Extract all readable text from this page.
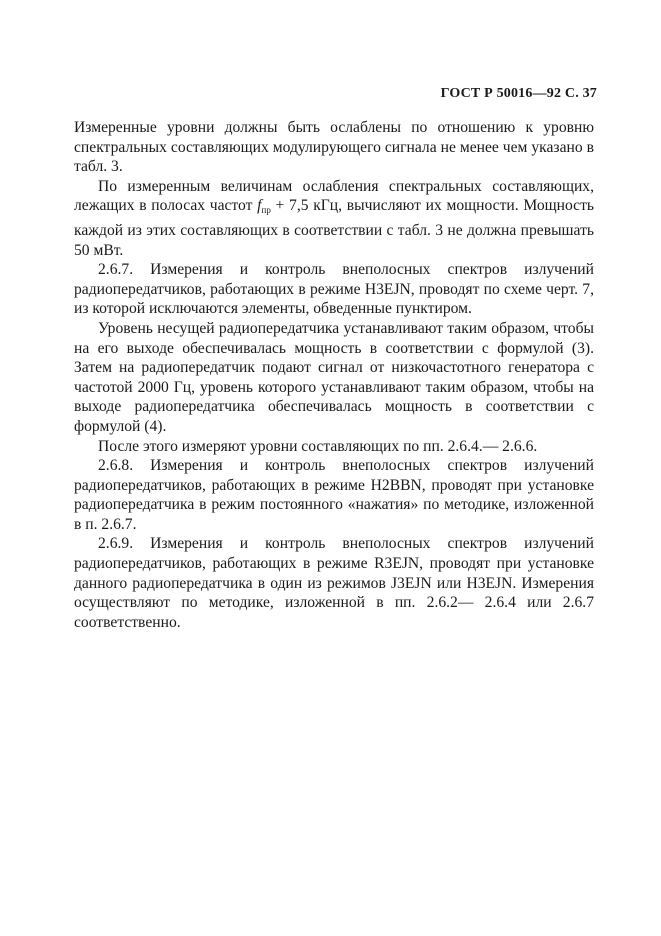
ГОСТ Р 50016—92 С. 37

Измеренные уровни должны быть ослаблены по отношению к уровню спектральных составляющих модулирующего сигнала не менее чем указано в табл. 3.

По измеренным величинам ослабления спектральных составляющих, лежащих в полосах частот $f_{пр} + 7,5$ кГц, вычисляют их мощности. Мощность каждой из этих составляющих в соответствии с табл. 3 не должна превышать 50 мВт.

2.6.7. Измерения и контроль внеполосных спектров излучений радиопередатчиков, работающих в режиме Н3ЕJN, проводят по схеме черт. 7, из которой исключаются элементы, обведенные пунктиром.

Уровень несущей радиопередатчика устанавливают таким образом, чтобы на его выходе обеспечивалась мощность в соответствии с формулой (3). Затем на радиопередатчик подают сигнал от низкочастотного генератора с частотой 2000 Гц, уровень которого устанавливают таким образом, чтобы на выходе радиопередатчика обеспечивалась мощность в соответствии с формулой (4).

После этого измеряют уровни составляющих по пп. 2.6.4.— 2.6.6.

2.6.8. Измерения и контроль внеполосных спектров излучений радиопередатчиков, работающих в режиме Н2ВВN, проводят при установке радиопередатчика в режим постоянного «нажатия» по методике, изложенной в п. 2.6.7.

2.6.9. Измерения и контроль внеполосных спектров излучений радиопередатчиков, работающих в режиме R3ЕJN, проводят при установке данного радиопередатчика в один из режимов J3ЕJN или Н3ЕJN. Измерения осуществляют по методике, изложенной в пп. 2.6.2— 2.6.4 или 2.6.7 соответственно.
